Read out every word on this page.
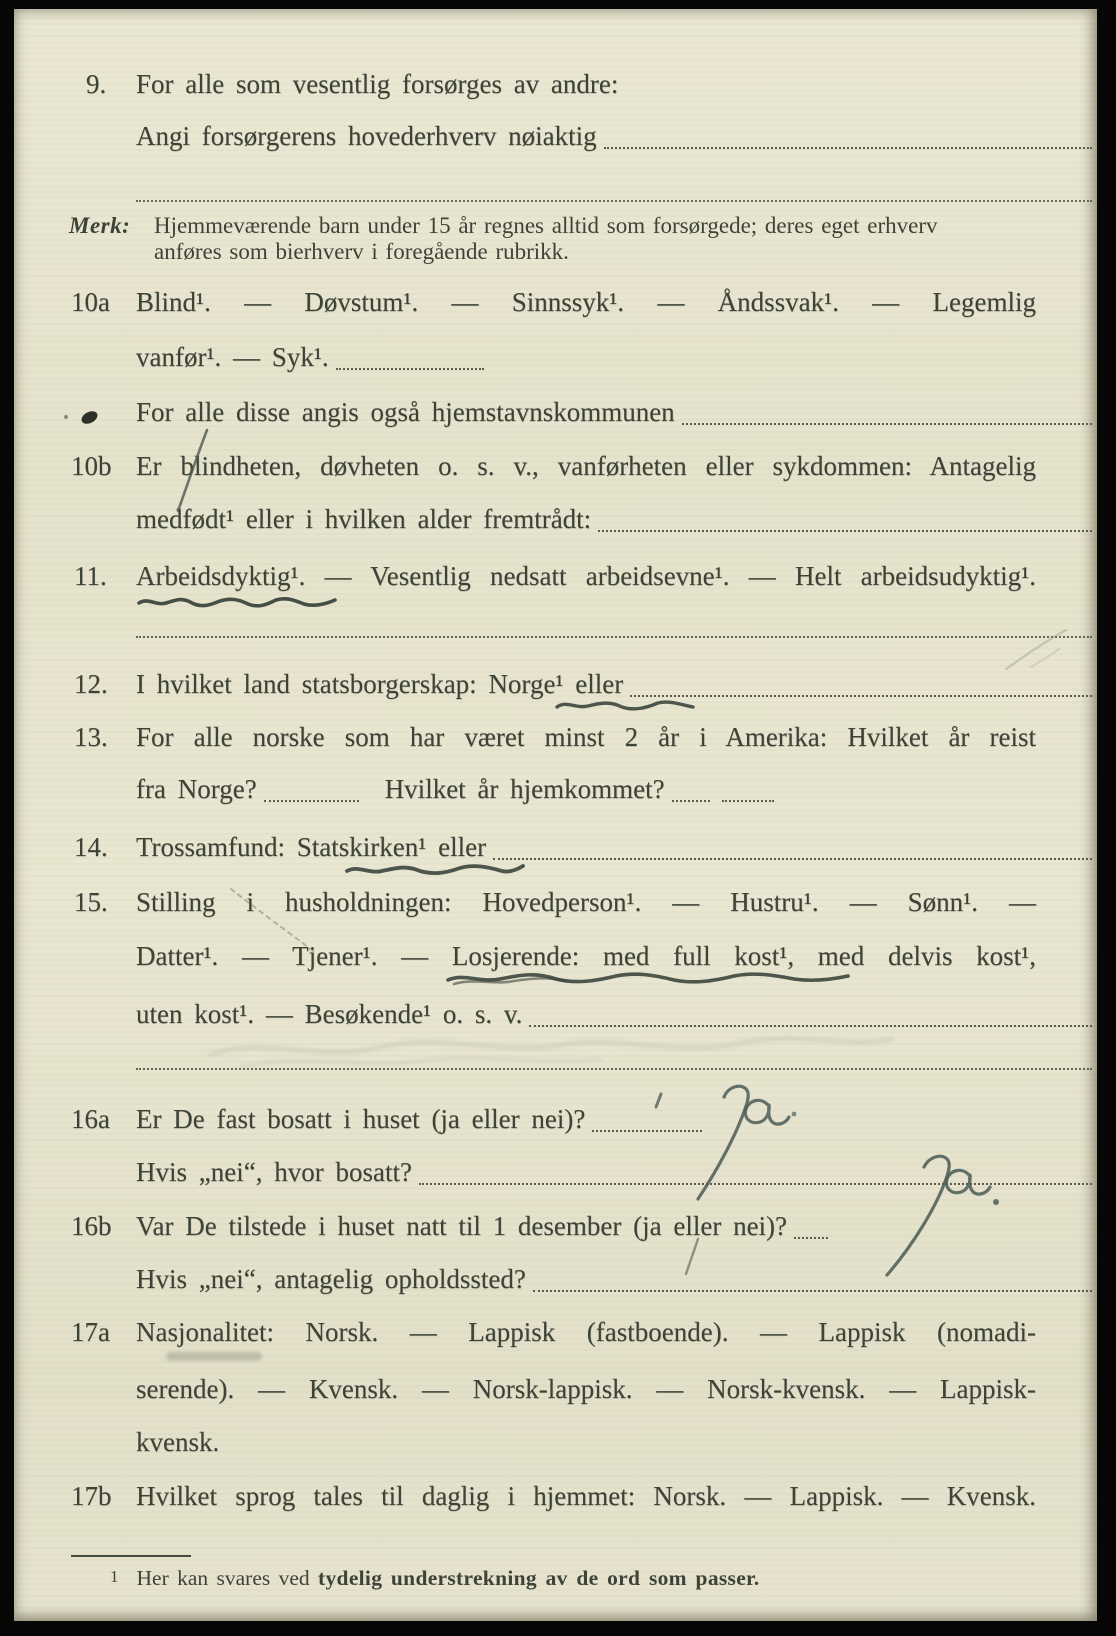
9. For alle som vesentlig forsørges av andre:
Angi forsørgerens hovederhverv nøiaktig
Merk: Hjemmeværende barn under 15 år regnes alltid som forsørgede; deres eget erhverv
anføres som bierhverv i foregående rubrikk.
10a Blind¹. — Døvstum¹. — Sinnssyk¹. — Åndssvak¹. — Legemlig
vanfør¹. — Syk¹.
For alle disse angis også hjemstavnskommunen
10b Er blindheten, døvheten o. s. v., vanførheten eller sykdommen: Antagelig
medfødt¹ eller i hvilken alder fremtrådt:
11. Arbeidsdyktig¹. — Vesentlig nedsatt arbeidsevne¹. — Helt arbeidsudyktig¹.
12. I hvilket land statsborgerskap: Norge¹ eller
13. For alle norske som har været minst 2 år i Amerika: Hvilket år reist
fra Norge?	Hvilket år hjemkommet?
14. Trossamfund: Statskirken¹ eller
15. Stilling i husholdningen: Hovedperson¹. — Hustru¹. — Sønn¹. —
Datter¹. — Tjener¹. — Losjerende: med full kost¹, med delvis kost¹,
uten kost¹. — Besøkende¹ o. s. v.
16a Er De fast bosatt i huset (ja eller nei)?
Hvis „nei“, hvor bosatt?
16b Var De tilstede i huset natt til 1 desember (ja eller nei)?
Hvis „nei“, antagelig opholdssted?
17a Nasjonalitet: Norsk. — Lappisk (fastboende). — Lappisk (nomadi-
serende). — Kvensk. — Norsk-lappisk. — Norsk-kvensk. — Lappisk-
kvensk.
17b Hvilket sprog tales til daglig i hjemmet: Norsk. — Lappisk. — Kvensk.
1 Her kan svares ved tydelig understrekning av de ord som passer.
